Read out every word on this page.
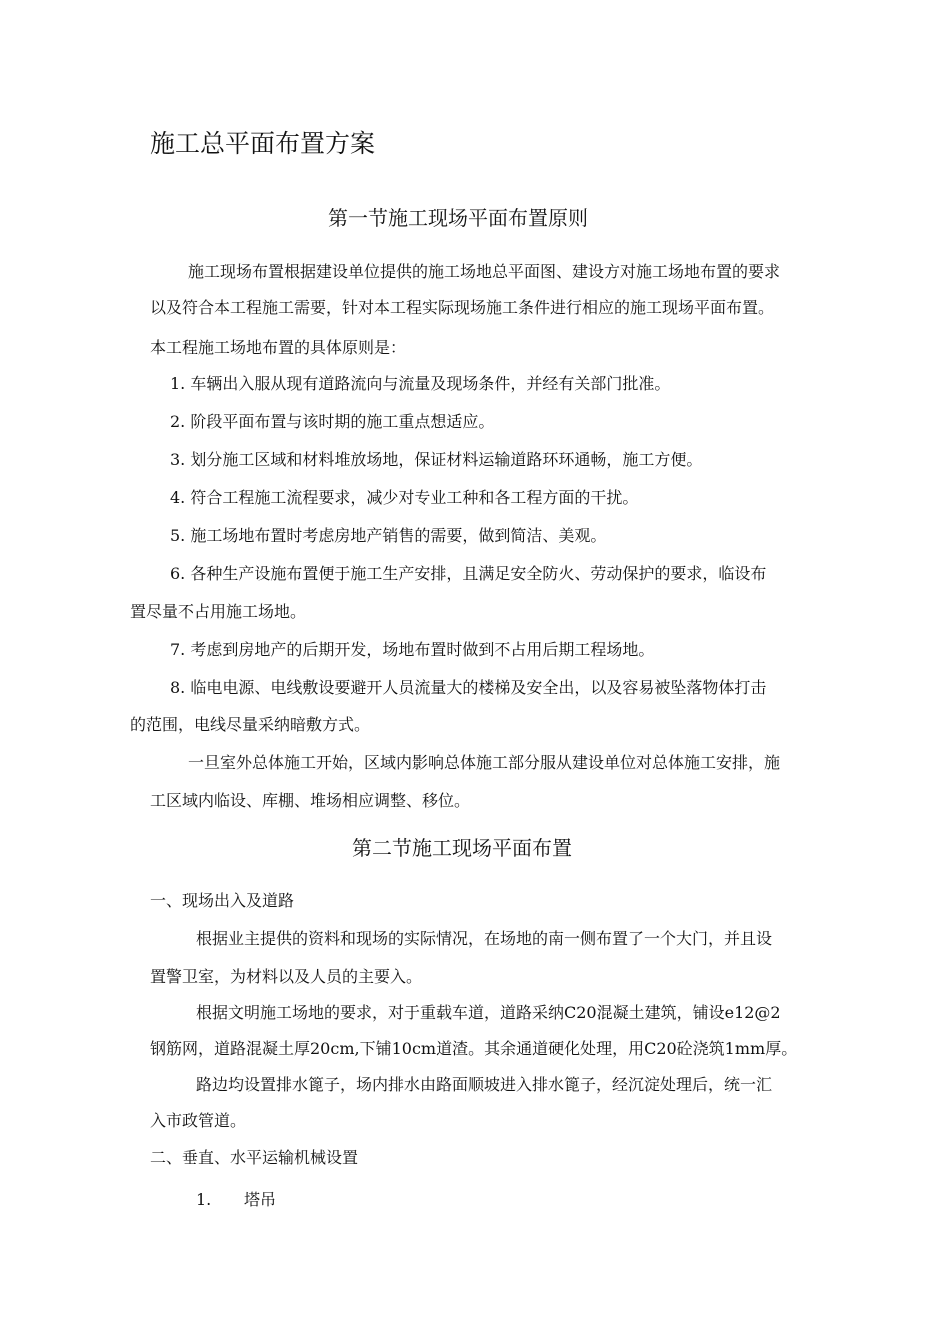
施工总平面布置方案
第一节施工现场平面布置原则
施工现场布置根据建设单位提供的施工场地总平面图、建设方对施工场地布置的要求
以及符合本工程施工需要，针对本工程实际现场施工条件进行相应的施工现场平面布置。
本工程施工场地布置的具体原则是：
1. 车辆出入服从现有道路流向与流量及现场条件，并经有关部门批准。
2. 阶段平面布置与该时期的施工重点想适应。
3. 划分施工区域和材料堆放场地，保证材料运输道路环环通畅，施工方便。
4. 符合工程施工流程要求，减少对专业工种和各工程方面的干扰。
5. 施工场地布置时考虑房地产销售的需要，做到简洁、美观。
6. 各种生产设施布置便于施工生产安排，且满足安全防火、劳动保护的要求，临设布
置尽量不占用施工场地。
7. 考虑到房地产的后期开发，场地布置时做到不占用后期工程场地。
8. 临电电源、电线敷设要避开人员流量大的楼梯及安全出，以及容易被坠落物体打击
的范围，电线尽量采纳暗敷方式。
一旦室外总体施工开始，区域内影响总体施工部分服从建设单位对总体施工安排，施
工区域内临设、库棚、堆场相应调整、移位。
第二节施工现场平面布置
一、现场出入及道路
根据业主提供的资料和现场的实际情况，在场地的南一侧布置了一个大门，并且设
置警卫室，为材料以及人员的主要入。
根据文明施工场地的要求，对于重载车道，道路采纳C20混凝土建筑，铺设e12@2
钢筋网，道路混凝土厚20cm,下铺10cm道渣。其余通道硬化处理，用C20砼浇筑1mm厚。
路边均设置排水篦子，场内排水由路面顺坡进入排水篦子，经沉淀处理后，统一汇
入市政管道。
二、垂直、水平运输机械设置
1. 塔吊
